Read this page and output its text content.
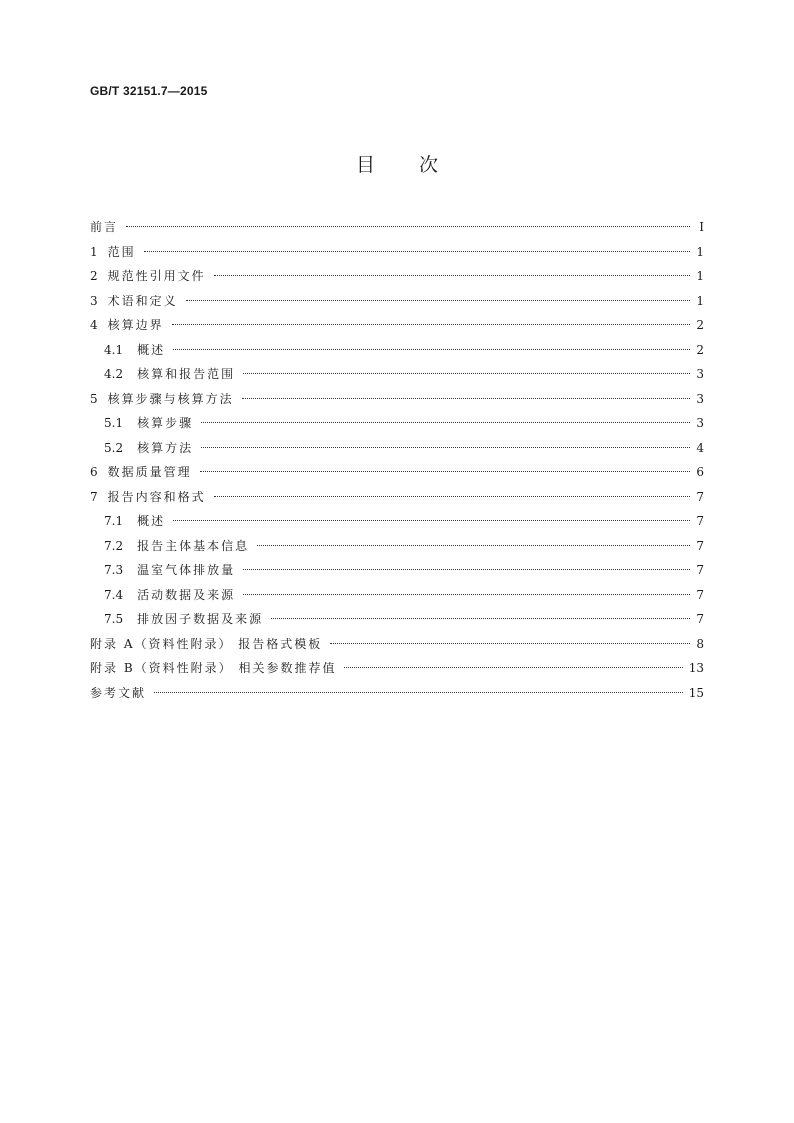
GB/T 32151.7—2015
目次
前言	Ⅰ
1 范围	1
2 规范性引用文件	1
3 术语和定义	1
4 核算边界	2
4.1 概述	2
4.2 核算和报告范围	3
5 核算步骤与核算方法	3
5.1 核算步骤	3
5.2 核算方法	4
6 数据质量管理	6
7 报告内容和格式	7
7.1 概述	7
7.2 报告主体基本信息	7
7.3 温室气体排放量	7
7.4 活动数据及来源	7
7.5 排放因子数据及来源	7
附录 A（资料性附录） 报告格式模板	8
附录 B（资料性附录） 相关参数推荐值	13
参考文献	15
